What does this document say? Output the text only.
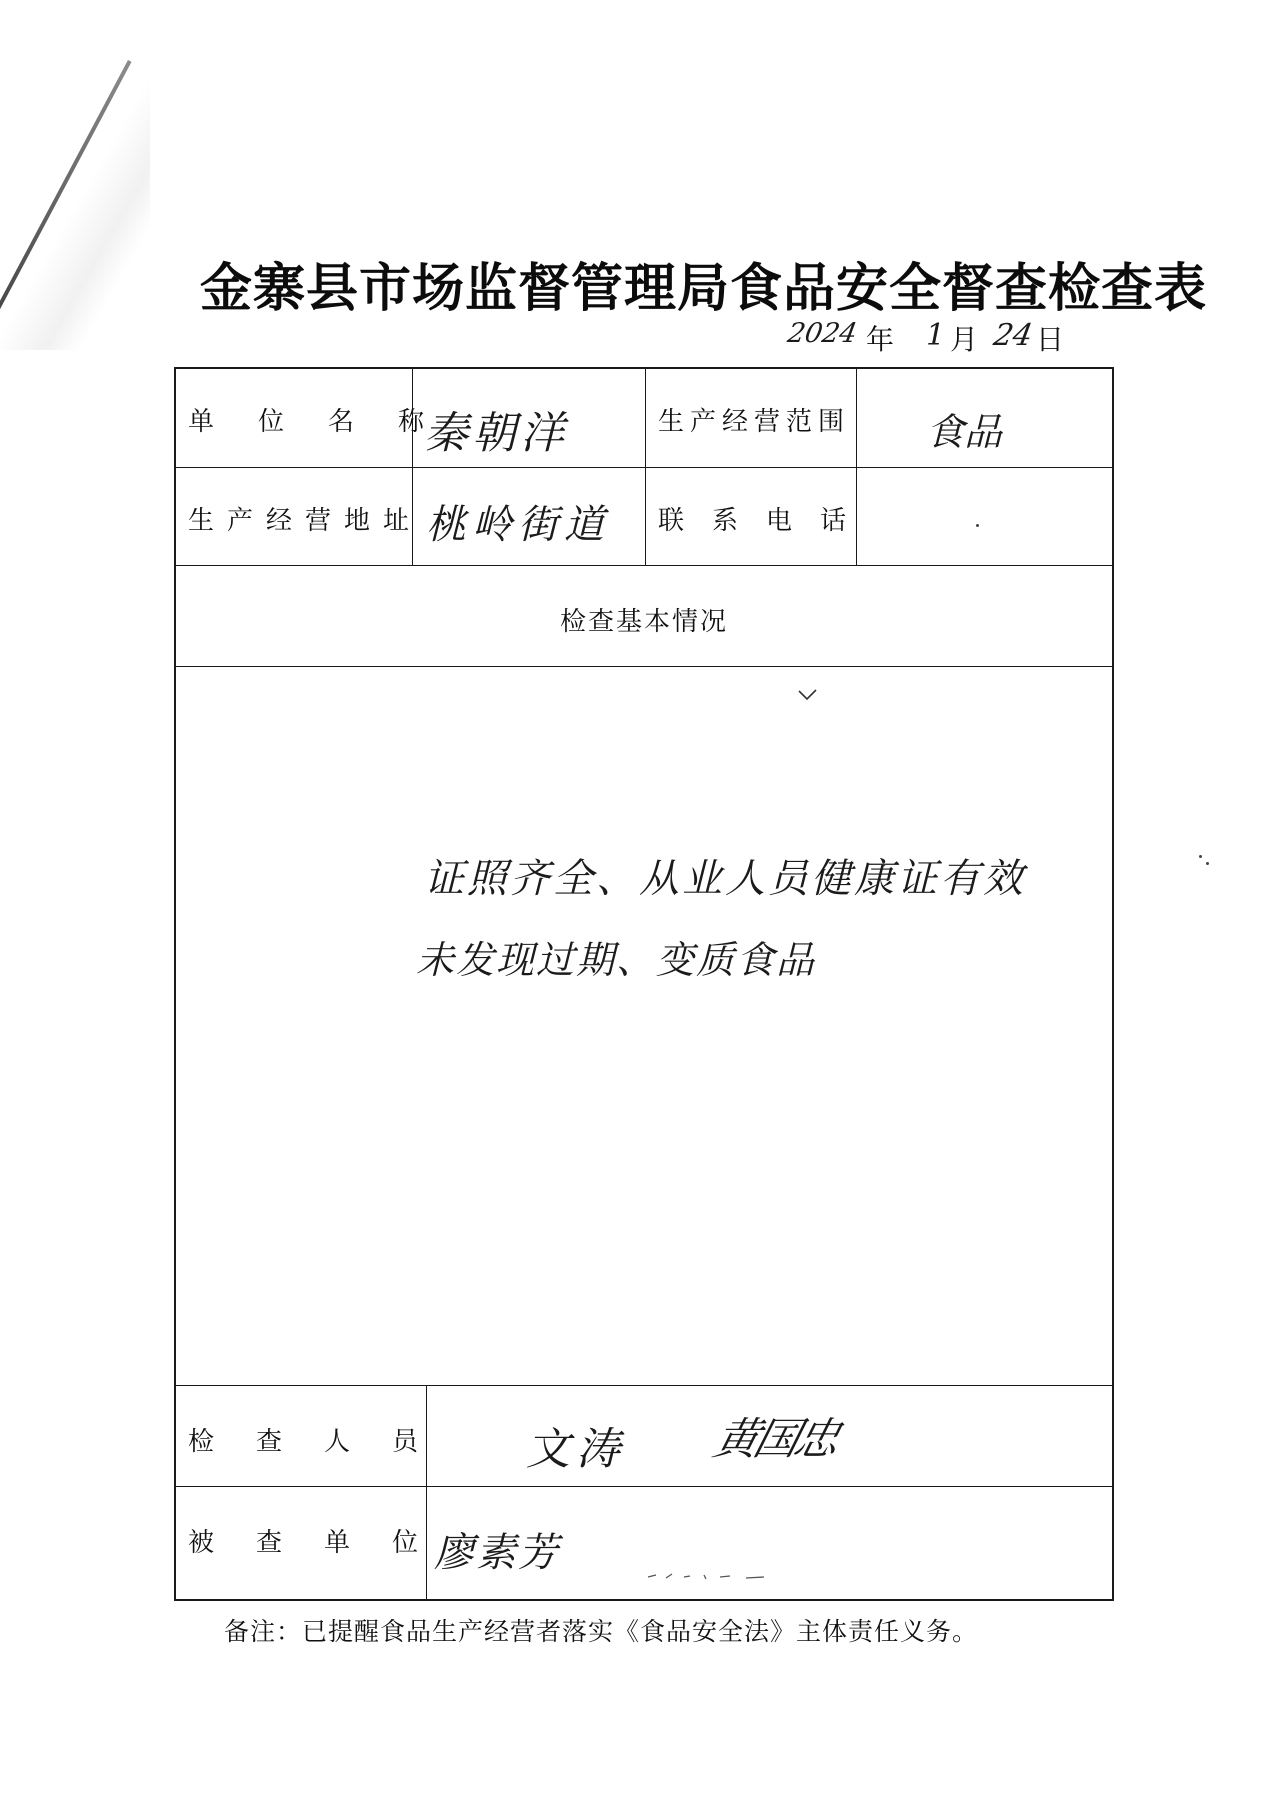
金寨县市场监督管理局食品安全督查检查表
2024 年 1 月 24 日
单位名称
秦朝洋	生产经营范围 食品
生产经营地址 桃岭街道 联系电话
检查基本情况
证照齐全、从业人员健康证有效
未发现过期、变质食品
检查人员 文涛 黄国忠
被查单位
廖素芳
备注：已提醒食品生产经营者落实《食品安全法》主体责任义务。
